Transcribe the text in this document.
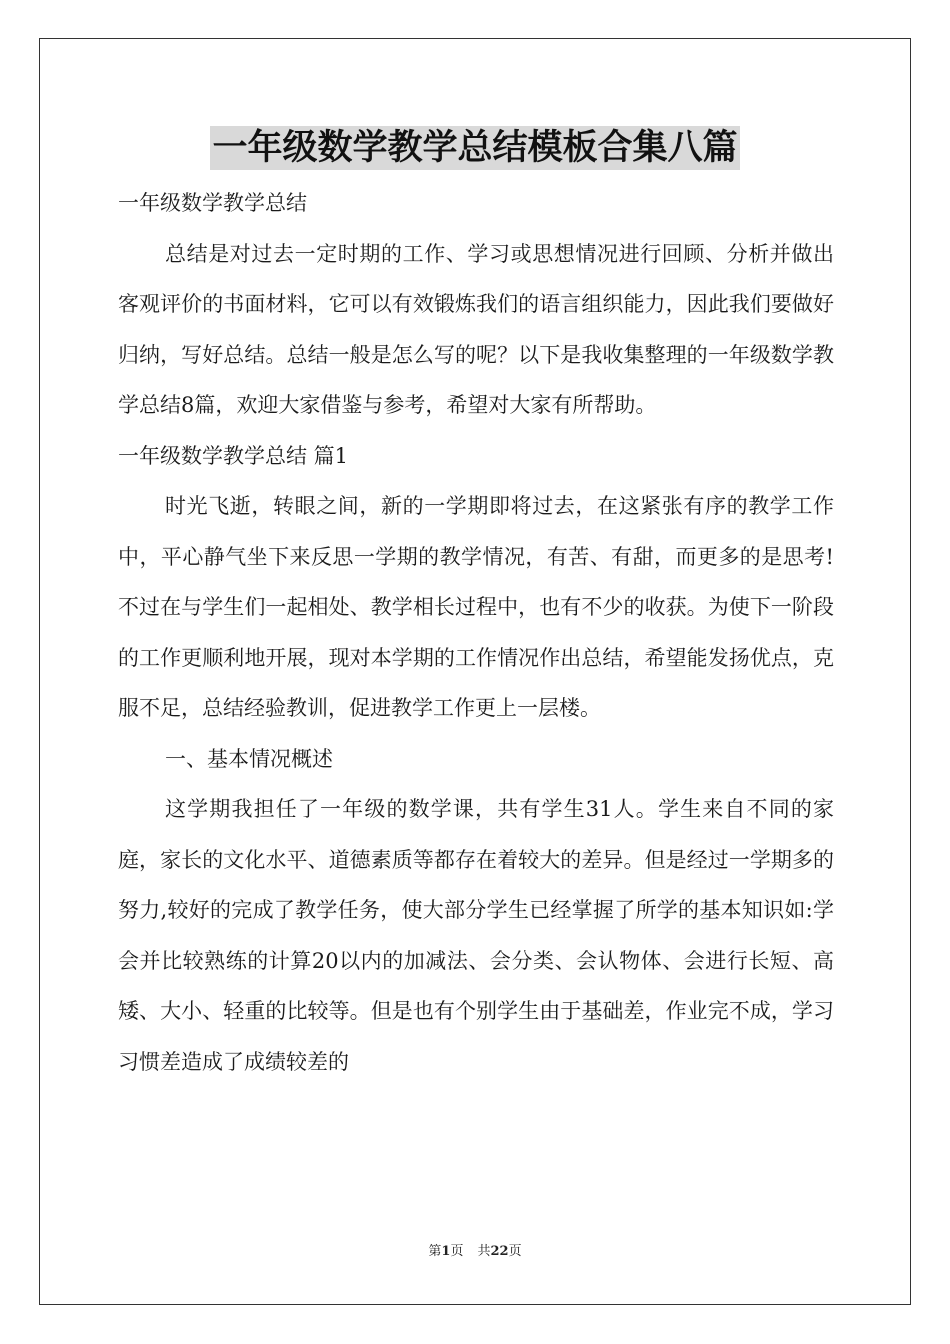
一年级数学教学总结模板合集八篇

一年级数学教学总结

总结是对过去一定时期的工作、学习或思想情况进行回顾、分析并做出客观评价的书面材料，它可以有效锻炼我们的语言组织能力，因此我们要做好归纳，写好总结。总结一般是怎么写的呢？以下是我收集整理的一年级数学教学总结8篇，欢迎大家借鉴与参考，希望对大家有所帮助。

一年级数学教学总结 篇1

时光飞逝，转眼之间，新的一学期即将过去，在这紧张有序的教学工作中，平心静气坐下来反思一学期的教学情况，有苦、有甜，而更多的是思考!不过在与学生们一起相处、教学相长过程中，也有不少的收获。为使下一阶段的工作更顺利地开展，现对本学期的工作情况作出总结，希望能发扬优点，克服不足，总结经验教训，促进教学工作更上一层楼。

一、基本情况概述

这学期我担任了一年级的数学课，共有学生31人。学生来自不同的家庭，家长的文化水平、道德素质等都存在着较大的差异。但是经过一学期多的努力,较好的完成了教学任务，使大部分学生已经掌握了所学的基本知识如:学会并比较熟练的计算20以内的加减法、会分类、会认物体、会进行长短、高矮、大小、轻重的比较等。但是也有个别学生由于基础差，作业完不成，学习习惯差造成了成绩较差的

第1页 共22页
